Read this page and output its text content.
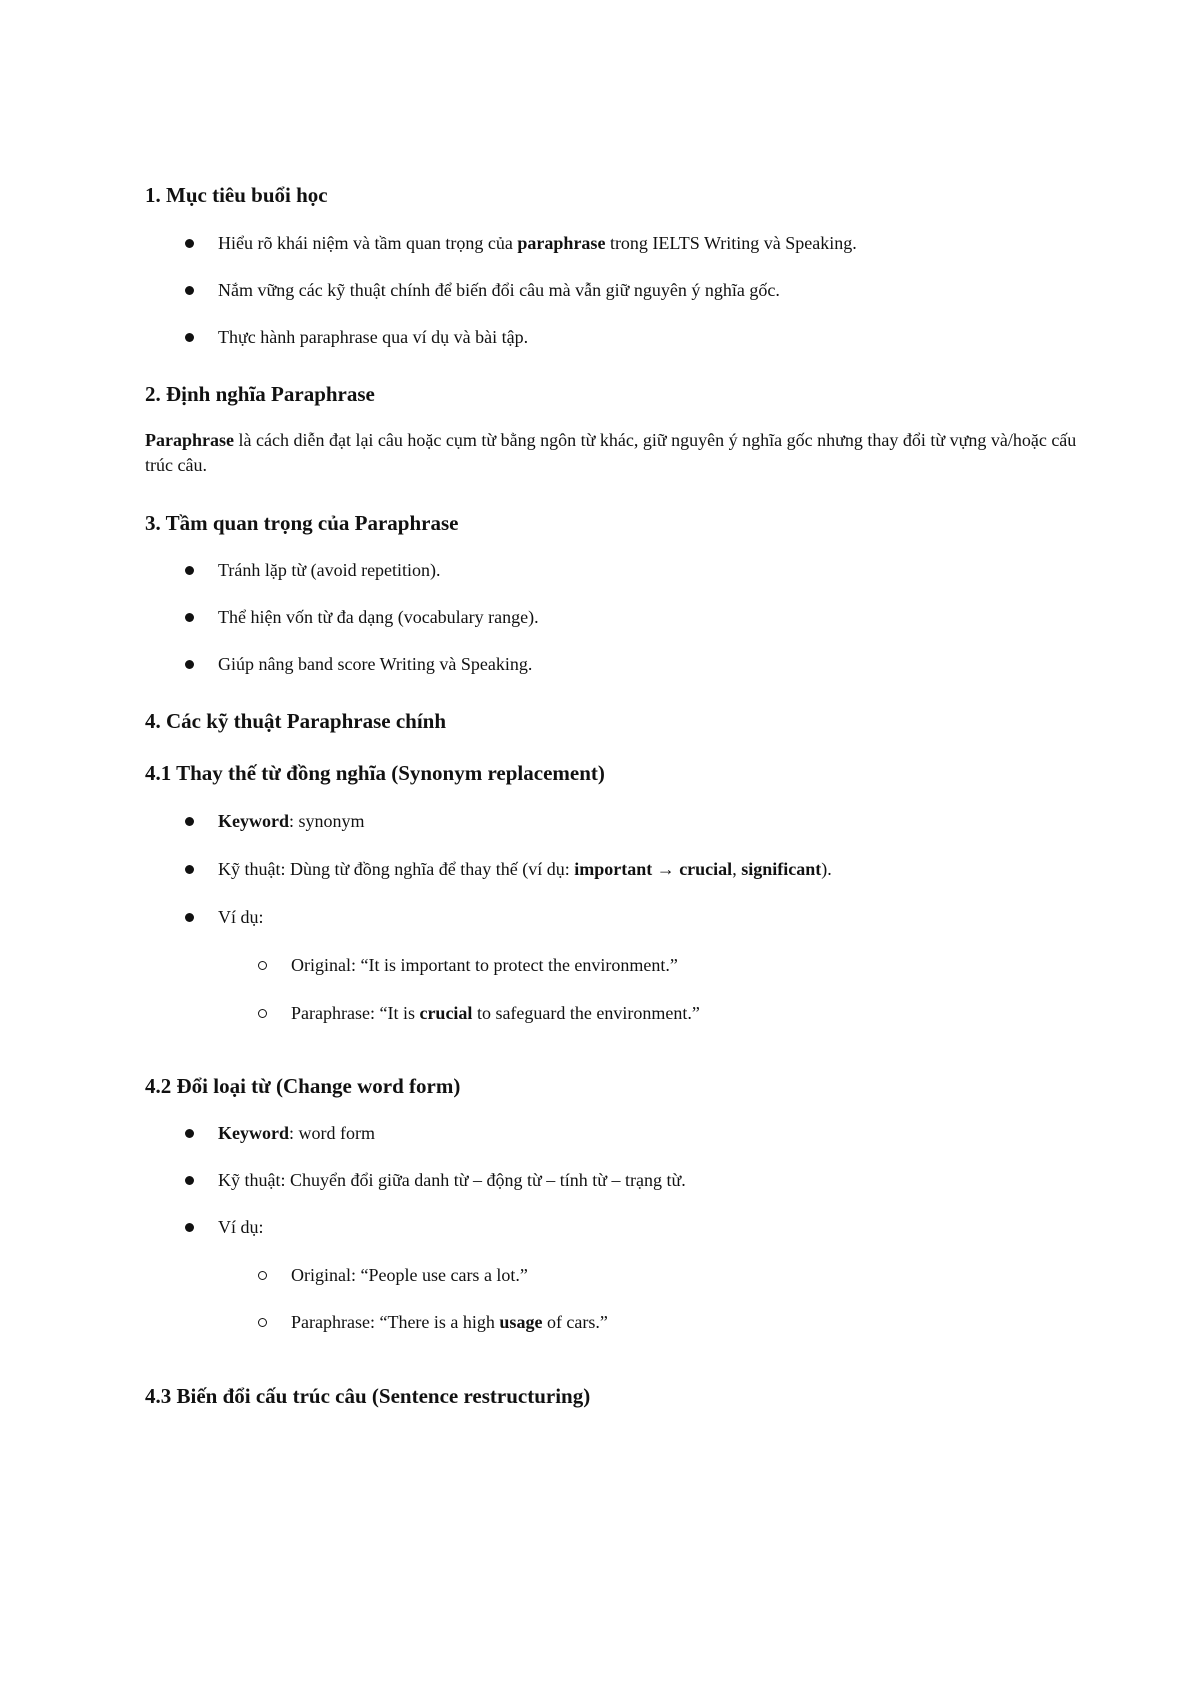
1. Mục tiêu buổi học
Hiểu rõ khái niệm và tầm quan trọng của paraphrase trong IELTS Writing và Speaking.
Nắm vững các kỹ thuật chính để biến đổi câu mà vẫn giữ nguyên ý nghĩa gốc.
Thực hành paraphrase qua ví dụ và bài tập.
2. Định nghĩa Paraphrase

Paraphrase là cách diễn đạt lại câu hoặc cụm từ bằng ngôn từ khác, giữ nguyên ý nghĩa gốc nhưng thay đổi từ vựng và/hoặc cấu trúc câu.

3. Tầm quan trọng của Paraphrase
Tránh lặp từ (avoid repetition).
Thể hiện vốn từ đa dạng (vocabulary range).
Giúp nâng band score Writing và Speaking.
4. Các kỹ thuật Paraphrase chính
4.1 Thay thế từ đồng nghĩa (Synonym replacement)
Keyword: synonym
Kỹ thuật: Dùng từ đồng nghĩa để thay thế (ví dụ: important → crucial, significant).
Ví dụ:
Original: “It is important to protect the environment.”
Paraphrase: “It is crucial to safeguard the environment.”
4.2 Đổi loại từ (Change word form)
Keyword: word form
Kỹ thuật: Chuyển đổi giữa danh từ – động từ – tính từ – trạng từ.
Ví dụ:
Original: “People use cars a lot.”
Paraphrase: “There is a high usage of cars.”
4.3 Biến đổi cấu trúc câu (Sentence restructuring)
